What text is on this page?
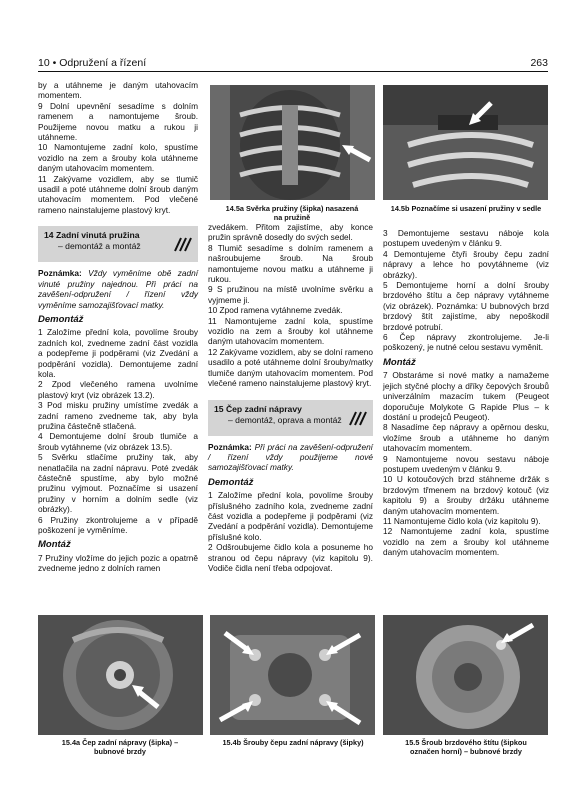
10 • Odpružení a řízení	263
14.5a Svěrka pružiny (šipka) nasazená na pružině
14.5b Poznačíme si usazení pružiny v sedle

by a utáhneme je daným utahovacím momentem.

9 Dolní upevnění sesadíme s dolním ramenem a namontujeme šroub. Použijeme novou matku a rukou ji utáhneme.

10 Namontujeme zadní kolo, spustíme vozidlo na zem a šrouby kola utáhneme daným utahovacím momentem.

11 Zakývame vozidlem, aby se tlumič usadil a poté utáhneme dolní šroub daným utahovacím momentem. Pod vlečené rameno nainstalujeme plastový kryt.

14 Zadní vinutá pružina
– demontáž a montáž

Poznámka: Vždy vyměníme obě zadní vinuté pružiny najednou. Při práci na zavěšení-odpružení / řízení vždy vyměníme samozajišťovací matky.

Demontáž

1 Založíme přední kola, povolíme šrouby zadních kol, zvedneme zadní část vozidla a podepřeme ji podpěrami (viz Zvedání a podpěrání vozidla). Demontujeme zadní kola.

2 Zpod vlečeného ramena uvolníme plastový kryt (viz obrázek 13.2).

3 Pod misku pružiny umístíme zvedák a zadní rameno zvedneme tak, aby byla pružina částečně stlačená.

4 Demontujeme dolní šroub tlumiče a šroub vytáhneme (viz obrázek 13.5).

5 Svěrku stlačíme pružiny tak, aby nenatlačila na zadní nápravu. Poté zvedák částečně spustíme, aby bylo možné pružinu vyjmout. Poznačíme si usazení pružiny v horním a dolním sedle (viz obrázky).

6 Pružiny zkontrolujeme a v případě poškození je vyměníme.

Montáž

7 Pružiny vložíme do jejich pozic a opatrně zvedneme jedno z dolních ramen

zvedákem. Přitom zajistíme, aby konce pružin správně dosedly do svých sedel.

8 Tlumič sesadíme s dolním ramenem a našroubujeme šroub. Na šroub namontujeme novou matku a utáhneme ji rukou.

9 S pružinou na místě uvolníme svěrku a vyjmeme ji.

10 Zpod ramena vytáhneme zvedák.

11 Namontujeme zadní kola, spustíme vozidlo na zem a šrouby kol utáhneme daným utahovacím momentem.

12 Zakývame vozidlem, aby se dolní rameno usadilo a poté utáhneme dolní šrouby/matky tlumiče daným utahovacím momentem. Pod vlečené rameno nainstalujeme plastový kryt.

15 Čep zadní nápravy
– demontáž, oprava a montáž

Poznámka: Při práci na zavěšení-odpružení / řízení vždy použijeme nové samozajišťovací matky.

Demontáž

1 Založíme přední kola, povolíme šrouby příslušného zadního kola, zvedneme zadní část vozidla a podepřeme ji podpěrami (viz Zvedání a podpěrání vozidla). Demontujeme příslušné kolo.

2 Odšroubujeme čidlo kola a posuneme ho stranou od čepu nápravy (viz kapitolu 9). Vodiče čidla není třeba odpojovat.

3 Demontujeme sestavu náboje kola postupem uvedeným v článku 9.

4 Demontujeme čtyři šrouby čepu zadní nápravy a lehce ho povytáhneme (viz obrázky).

5 Demontujeme horní a dolní šrouby brzdového štítu a čep nápravy vytáhneme (viz obrázek). Poznámka: U bubnových brzd brzdový štít zajistíme, aby nepoškodil brzdové potrubí.

6 Čep nápravy zkontrolujeme. Je-li poškozený, je nutné celou sestavu vyměnit.

Montáž

7 Obstaráme si nové matky a namažeme jejich styčné plochy a dříky čepových šroubů univerzálním mazacím tukem (Peugeot doporučuje Molykote G Rapide Plus – k dostání u prodejců Peugeot).

8 Nasadíme čep nápravy a opěrnou desku, vložíme šroub a utáhneme ho daným utahovacím momentem.

9 Namontujeme novou sestavu náboje postupem uvedeným v článku 9.

10 U kotoučových brzd stáhneme držák s brzdovým třmenem na brzdový kotouč (viz kapitolu 9) a šrouby držáku utáhneme daným utahovacím momentem.

11 Namontujeme čidlo kola (viz kapitolu 9).

12 Namontujeme zadní kola, spustíme vozidlo na zem a šrouby kol utáhneme daným utahovacím momentem.

15.4a Čep zadní nápravy (šipka) – bubnové brzdy
15.4b Šrouby čepu zadní nápravy (šipky)	15.5 Šroub brzdového štítu (šipkou označen horní) – bubnové brzdy
